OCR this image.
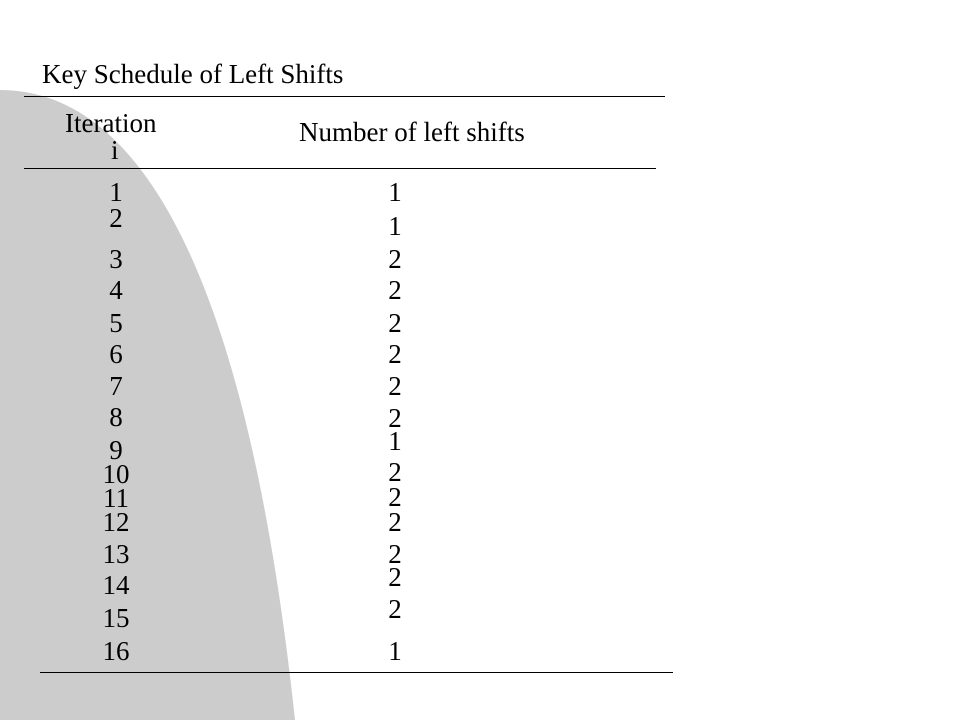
Key Schedule of Left Shifts
Iteration
i
Number of left shifts
1
2
3
4
5
6
7
8
9
10
11
12
13
14
15
16
1
1
2
2
2
2
2
2
1
2
2
2
2
2
2
1
